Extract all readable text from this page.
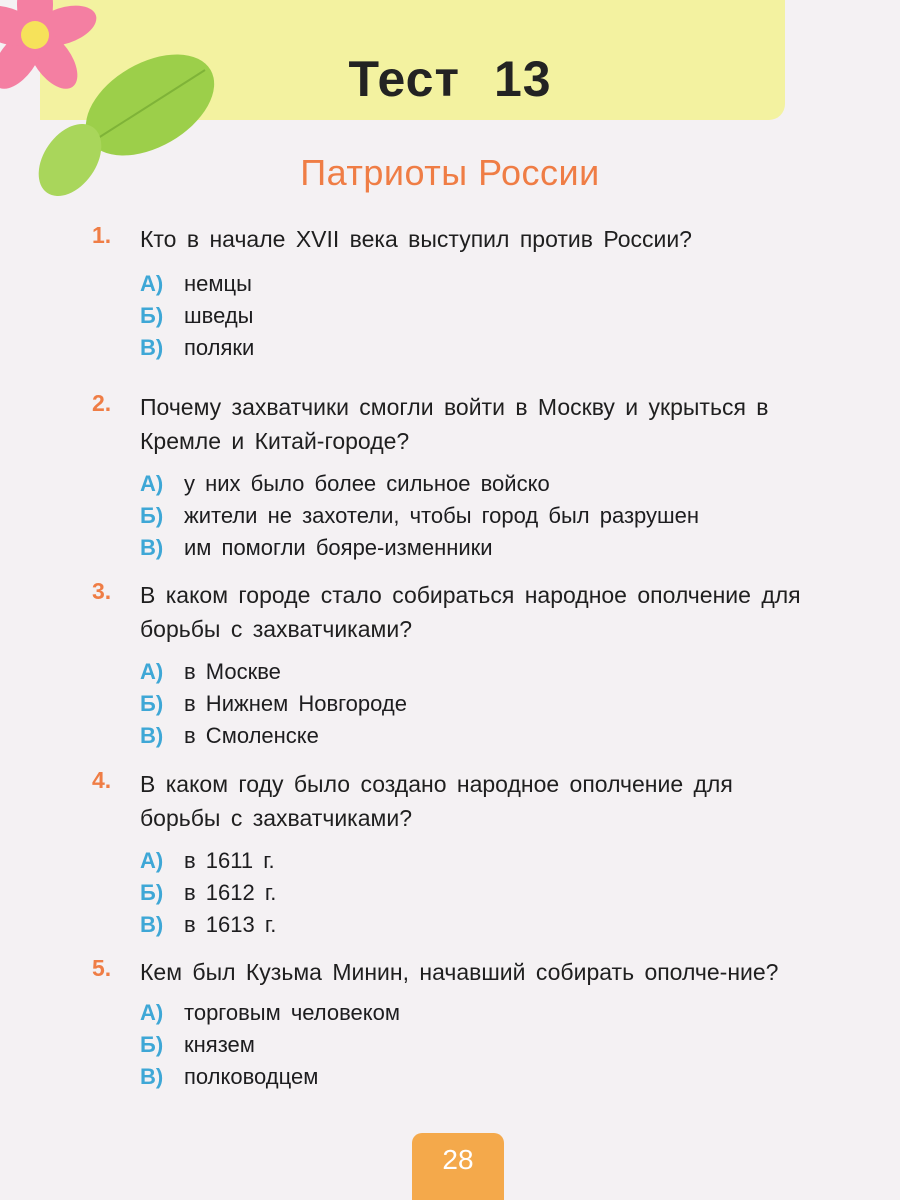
Тест 13
Патриоты России
1. Кто в начале XVII века выступил против России?
А) немцы
Б) шведы
В) поляки
2. Почему захватчики смогли войти в Москву и укрыться в Кремле и Китай-городе?
А) у них было более сильное войско
Б) жители не захотели, чтобы город был разрушен
В) им помогли бояре-изменники
3. В каком городе стало собираться народное ополчение для борьбы с захватчиками?
А) в Москве
Б) в Нижнем Новгороде
В) в Смоленске
4. В каком году было создано народное ополчение для борьбы с захватчиками?
А) в 1611 г.
Б) в 1612 г.
В) в 1613 г.
5. Кем был Кузьма Минин, начавший собирать ополче-ние?
А) торговым человеком
Б) князем
В) полководцем
28
